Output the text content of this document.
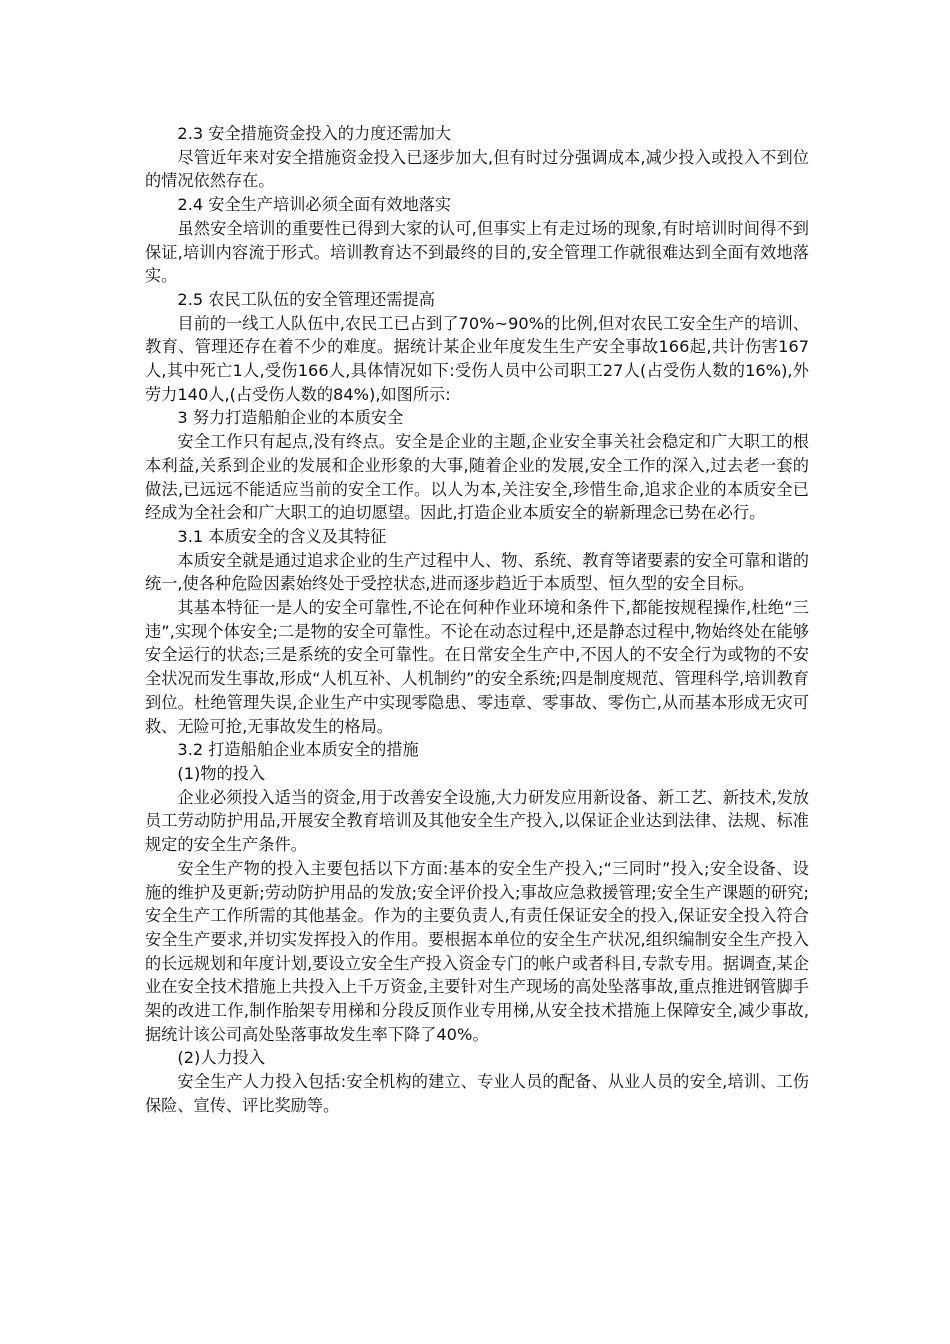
2.3 安全措施资金投入的力度还需加大

尽管近年来对安全措施资金投入已逐步加大,但有时过分强调成本,减少投入或投入不到位的情况依然存在。

2.4 安全生产培训必须全面有效地落实

虽然安全培训的重要性已得到大家的认可,但事实上有走过场的现象,有时培训时间得不到保证,培训内容流于形式。培训教育达不到最终的目的,安全管理工作就很难达到全面有效地落实。

2.5 农民工队伍的安全管理还需提高

目前的一线工人队伍中,农民工已占到了70%~90%的比例,但对农民工安全生产的培训、教育、管理还存在着不少的难度。据统计某企业年度发生生产安全事故166起,共计伤害167人,其中死亡1人,受伤166人,具体情况如下:受伤人员中公司职工27人(占受伤人数的16%),外劳力140人,(占受伤人数的84%),如图所示:

3 努力打造船舶企业的本质安全

安全工作只有起点,没有终点。安全是企业的主题,企业安全事关社会稳定和广大职工的根本利益,关系到企业的发展和企业形象的大事,随着企业的发展,安全工作的深入,过去老一套的做法,已远远不能适应当前的安全工作。以人为本,关注安全,珍惜生命,追求企业的本质安全已经成为全社会和广大职工的迫切愿望。因此,打造企业本质安全的崭新理念已势在必行。

3.1 本质安全的含义及其特征

本质安全就是通过追求企业的生产过程中人、物、系统、教育等诸要素的安全可靠和谐的统一,使各种危险因素始终处于受控状态,进而逐步趋近于本质型、恒久型的安全目标。

其基本特征一是人的安全可靠性,不论在何种作业环境和条件下,都能按规程操作,杜绝“三违”,实现个体安全;二是物的安全可靠性。不论在动态过程中,还是静态过程中,物始终处在能够安全运行的状态;三是系统的安全可靠性。在日常安全生产中,不因人的不安全行为或物的不安全状况而发生事故,形成“人机互补、人机制约”的安全系统;四是制度规范、管理科学,培训教育到位。杜绝管理失误,企业生产中实现零隐患、零违章、零事故、零伤亡,从而基本形成无灾可救、无险可抢,无事故发生的格局。

3.2 打造船舶企业本质安全的措施

(1)物的投入

企业必须投入适当的资金,用于改善安全设施,大力研发应用新设备、新工艺、新技术,发放员工劳动防护用品,开展安全教育培训及其他安全生产投入,以保证企业达到法律、法规、标准规定的安全生产条件。

安全生产物的投入主要包括以下方面:基本的安全生产投入;“三同时”投入;安全设备、设施的维护及更新;劳动防护用品的发放;安全评价投入;事故应急救援管理;安全生产课题的研究;安全生产工作所需的其他基金。作为的主要负责人,有责任保证安全的投入,保证安全投入符合安全生产要求,并切实发挥投入的作用。要根据本单位的安全生产状况,组织编制安全生产投入的长远规划和年度计划,要设立安全生产投入资金专门的帐户或者科目,专款专用。据调查,某企业在安全技术措施上共投入上千万资金,主要针对生产现场的高处坠落事故,重点推进钢管脚手架的改进工作,制作胎架专用梯和分段反顶作业专用梯,从安全技术措施上保障安全,减少事故,据统计该公司高处坠落事故发生率下降了40%。

(2)人力投入

安全生产人力投入包括:安全机构的建立、专业人员的配备、从业人员的安全,培训、工伤保险、宣传、评比奖励等。
